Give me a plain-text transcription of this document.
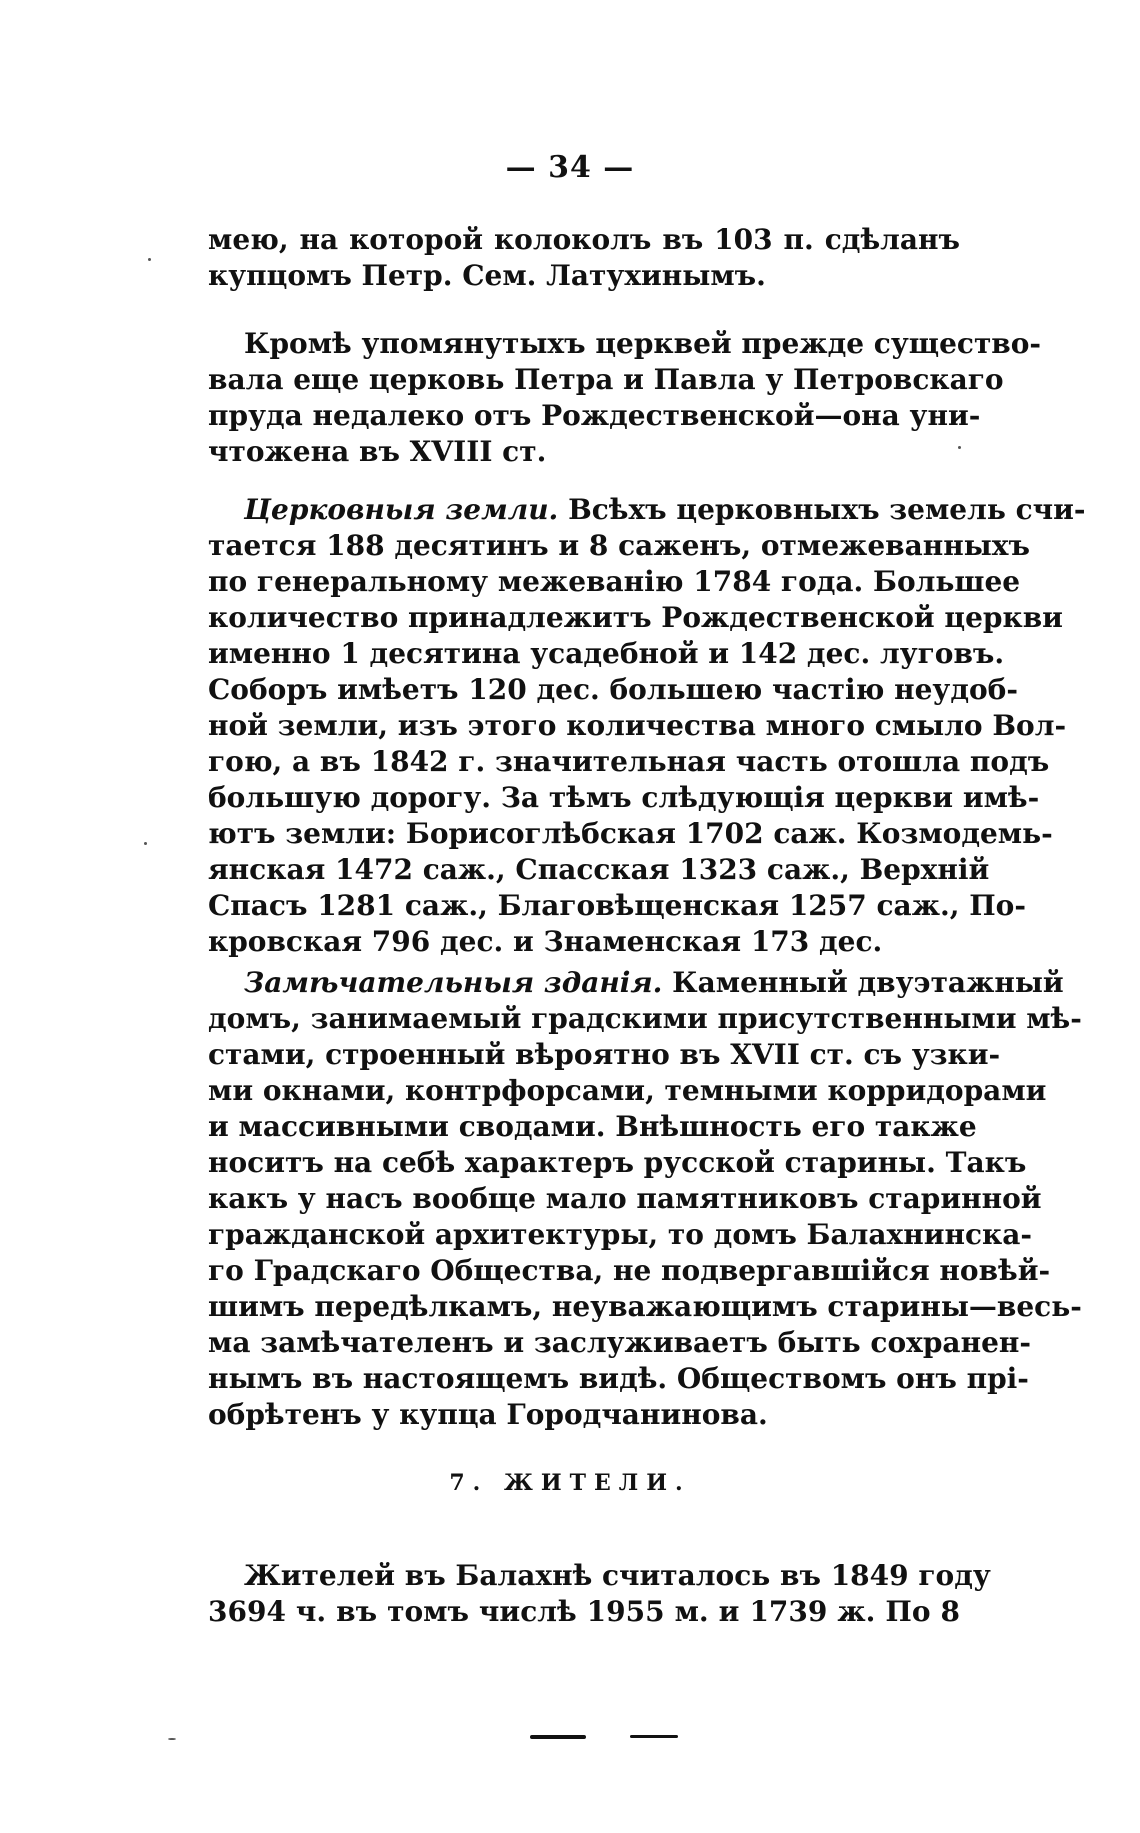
— 34 —
мею, на которой колоколъ въ 103 п. сдѣланъ
купцомъ Петр. Сем. Латухинымъ.
Кромѣ упомянутыхъ церквей прежде существо-
вала еще церковь Петра и Павла у Петровскаго
пруда недалеко отъ Рождественской—она уни-
чтожена въ XVIII ст.
Церковныя земли. Всѣхъ церковныхъ земель счи-
тается 188 десятинъ и 8 саженъ, отмежеванныхъ
по генеральному межеванію 1784 года. Большее
количество принадлежитъ Рождественской церкви
именно 1 десятина усадебной и 142 дес. луговъ.
Соборъ имѣетъ 120 дес. большею частію неудоб-
ной земли, изъ этого количества много смыло Вол-
гою, а въ 1842 г. значительная часть отошла подъ
большую дорогу. За тѣмъ слѣдующія церкви имѣ-
ютъ земли: Борисоглѣбская 1702 саж. Козмодемь-
янская 1472 саж., Спасская 1323 саж., Верхній
Спасъ 1281 саж., Благовѣщенская 1257 саж., По-
кровская 796 дес. и Знаменская 173 дес.
Замѣчательныя зданія. Каменный двуэтажный
домъ, занимаемый градскими присутственными мѣ-
стами, строенный вѣроятно въ XVII ст. съ узки-
ми окнами, контрфорсами, темными корридорами
и массивными сводами. Внѣшность его также
носитъ на себѣ характеръ русской старины. Такъ
какъ у насъ вообще мало памятниковъ старинной
гражданской архитектуры, то домъ Балахнинска-
го Градскаго Общества, не подвергавшійся новѣй-
шимъ передѣлкамъ, неуважающимъ старины—весь-
ма замѣчателенъ и заслуживаетъ быть сохранен-
нымъ въ настоящемъ видѣ. Обществомъ онъ прі-
обрѣтенъ у купца Городчанинова.
7. ЖИТЕЛИ.
Жителей въ Балахнѣ считалось въ 1849 году
3694 ч. въ томъ числѣ 1955 м. и 1739 ж. По 8
